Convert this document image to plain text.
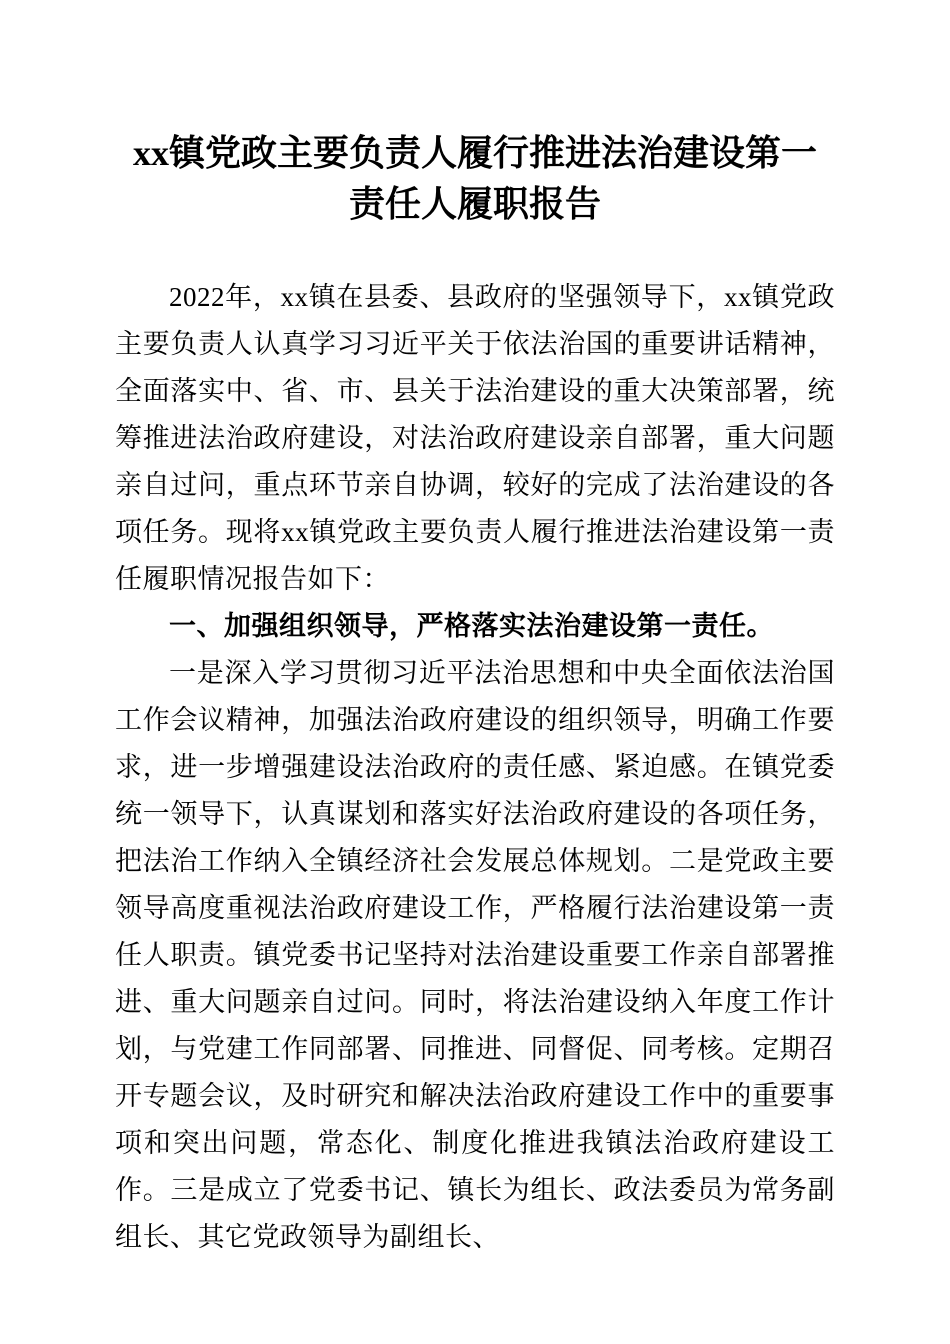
xx镇党政主要负责人履行推进法治建设第一
责任人履职报告

2022年，xx镇在县委、县政府的坚强领导下，xx镇党政主要负责人认真学习习近平关于依法治国的重要讲话精神，全面落实中、省、市、县关于法治建设的重大决策部署，统筹推进法治政府建设，对法治政府建设亲自部署，重大问题亲自过问，重点环节亲自协调，较好的完成了法治建设的各项任务。现将xx镇党政主要负责人履行推进法治建设第一责任履职情况报告如下：

一、加强组织领导，严格落实法治建设第一责任。

一是深入学习贯彻习近平法治思想和中央全面依法治国工作会议精神，加强法治政府建设的组织领导，明确工作要求，进一步增强建设法治政府的责任感、紧迫感。在镇党委统一领导下，认真谋划和落实好法治政府建设的各项任务，把法治工作纳入全镇经济社会发展总体规划。二是党政主要领导高度重视法治政府建设工作，严格履行法治建设第一责任人职责。镇党委书记坚持对法治建设重要工作亲自部署推进、重大问题亲自过问。同时，将法治建设纳入年度工作计划，与党建工作同部署、同推进、同督促、同考核。定期召开专题会议，及时研究和解决法治政府建设工作中的重要事项和突出问题，常态化、制度化推进我镇法治政府建设工作。三是成立了党委书记、镇长为组长、政法委员为常务副组长、其它党政领导为副组长、
